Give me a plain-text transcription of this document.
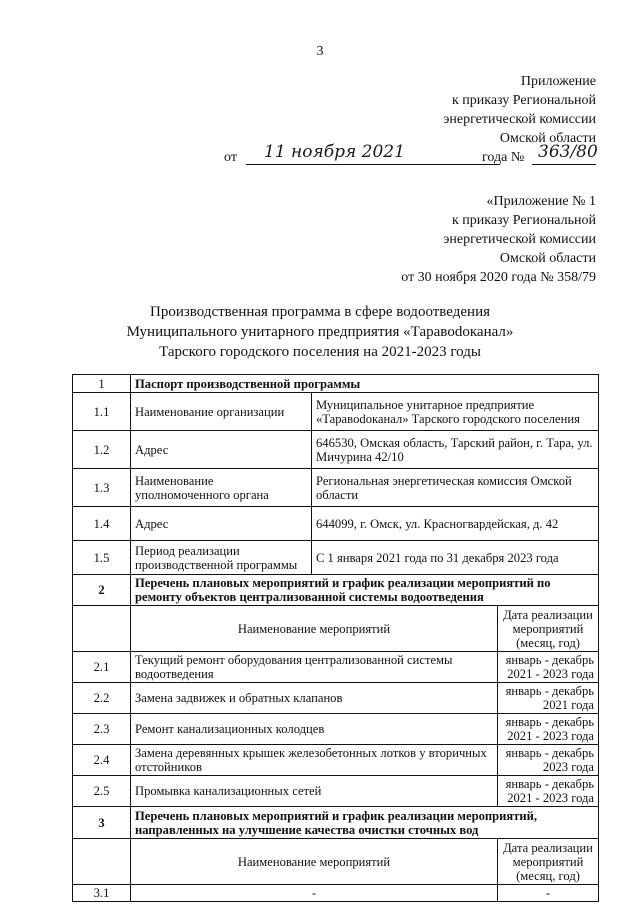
3
Приложение
к приказу Региональной
энергетической комиссии
Омской области
от 11 ноября 2021	года № 363/80
«Приложение № 1
к приказу Региональной
энергетической комиссии
Омской области
от 30 ноября 2020 года № 358/79
Производственная программа в сфере водоотведения
Муниципального унитарного предприятия «Таравodоканал»
Тарского городского поселения на 2021-2023 годы
1	Паспорт производственной программы		
1.1	Наименование организации	Муниципальное унитарное предприятие «Таравodоканал» Тарского городского поселения	
1.2	Адрес	646530, Омская область, Тарский район, г. Тара, ул. Мичурина 42/10	
1.3	Наименование уполномоченного органа	Региональная энергетическая комиссия Омской области	
1.4	Адрес	644099, г. Омск, ул. Красногвардейская, д. 42	
1.5	Период реализации производственной программы	С 1 января 2021 года по 31 декабря 2023 года	
2	Перечень плановых мероприятий и график реализации мероприятий по ремонту объектов централизованной системы водоотведения		
	Наименование мероприятий		Дата реализации мероприятий (месяц, год)
2.1	Текущий ремонт оборудования централизованной системы водоотведения		январь - декабрь 2021 - 2023 года
2.2	Замена задвижек и обратных клапанов		январь - декабрь 2021 года
2.3	Ремонт канализационных колодцев		январь - декабрь 2021 - 2023 года
2.4	Замена деревянных крышек железобетонных лотков у вторичных отстойников		январь - декабрь 2023 года
2.5	Промывка канализационных сетей		январь - декабрь 2021 - 2023 года
3	Перечень плановых мероприятий и график реализации мероприятий, направленных на улучшение качества очистки сточных вод		
	Наименование мероприятий		Дата реализации мероприятий (месяц, год)
3.1	-		-
